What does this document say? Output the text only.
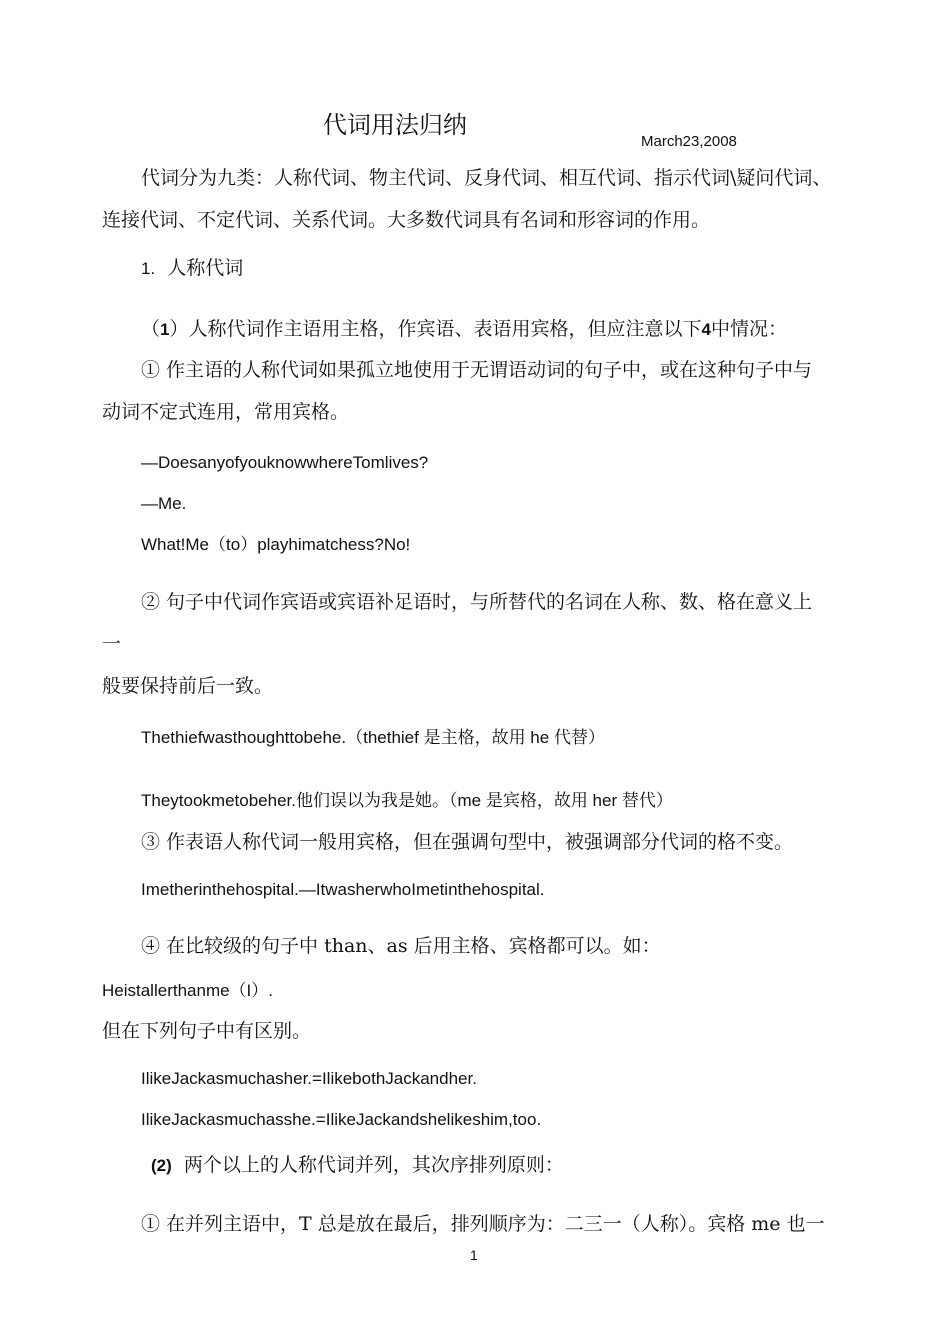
代词用法归纳
March23,2008
代词分为九类：人称代词、物主代词、反身代词、相互代词、指示代词\疑问代词、
连接代词、不定代词、关系代词。大多数代词具有名词和形容词的作用。
1. 人称代词
（1）人称代词作主语用主格，作宾语、表语用宾格，但应注意以下4中情况：
① 作主语的人称代词如果孤立地使用于无谓语动词的句子中，或在这种句子中与
动词不定式连用，常用宾格。
—DoesanyofyouknowwhereTomlives?
—Me.
What!Me（to）playhimatchess?No!
② 句子中代词作宾语或宾语补足语时，与所替代的名词在人称、数、格在意义上
一
般要保持前后一致。
Thethiefwasthoughttobehe.（thethief 是主格，故用 he 代替）
Theytookmetobeher.他们误以为我是她。（me 是宾格，故用 her 替代）
③ 作表语人称代词一般用宾格，但在强调句型中，被强调部分代词的格不变。
Imetherinthehospital.—ItwasherwhoImetinthehospital.
④ 在比较级的句子中 than、as 后用主格、宾格都可以。如：
Heistallerthanme（I）.
但在下列句子中有区别。
IlikeJackasmuchasher.=IlikebothJackandher.
IlikeJackasmuchasshe.=IlikeJackandshelikeshim,too.
(2) 两个以上的人称代词并列，其次序排列原则：
① 在并列主语中，T 总是放在最后，排列顺序为：二三一（人称）。宾格 me 也一
1
